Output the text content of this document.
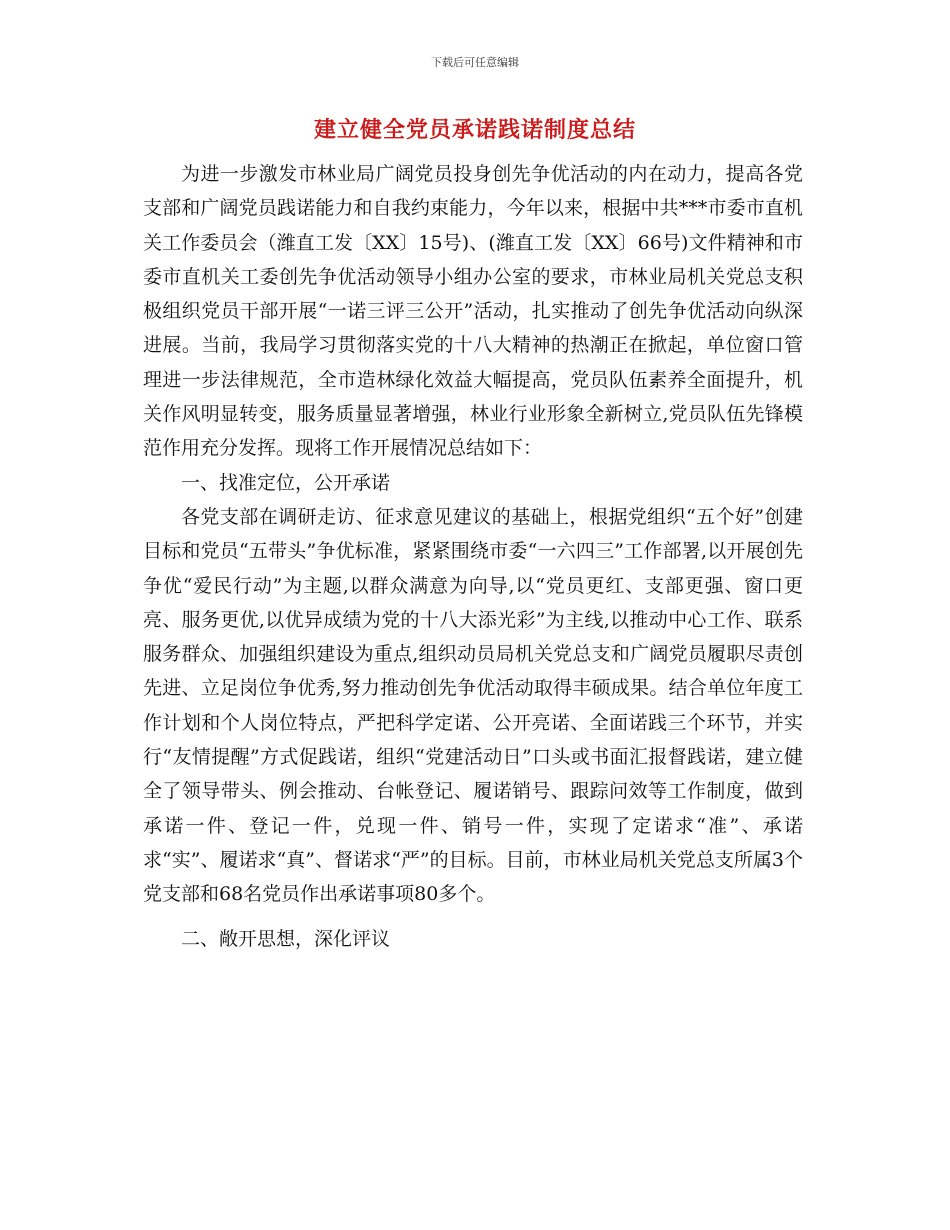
下载后可任意编辑
建立健全党员承诺践诺制度总结

为进一步激发市林业局广阔党员投身创先争优活动的内在动力，提高各党支部和广阔党员践诺能力和自我约束能力，今年以来，根据中共***市委市直机关工作委员会（潍直工发〔XX〕15号)、(潍直工发〔XX〕66号)文件精神和市委市直机关工委创先争优活动领导小组办公室的要求，市林业局机关党总支积极组织党员干部开展“一诺三评三公开”活动，扎实推动了创先争优活动向纵深进展。当前，我局学习贯彻落实党的十八大精神的热潮正在掀起，单位窗口管理进一步法律规范，全市造林绿化效益大幅提高，党员队伍素养全面提升，机关作风明显转变，服务质量显著增强，林业行业形象全新树立,党员队伍先锋模范作用充分发挥。现将工作开展情况总结如下：

一、找准定位，公开承诺

各党支部在调研走访、征求意见建议的基础上，根据党组织“五个好”创建目标和党员“五带头”争优标准，紧紧围绕市委“一六四三”工作部署,以开展创先争优“爱民行动”为主题,以群众满意为向导,以“党员更红、支部更强、窗口更亮、服务更优,以优异成绩为党的十八大添光彩”为主线,以推动中心工作、联系服务群众、加强组织建设为重点,组织动员局机关党总支和广阔党员履职尽责创先进、立足岗位争优秀,努力推动创先争优活动取得丰硕成果。结合单位年度工作计划和个人岗位特点，严把科学定诺、公开亮诺、全面诺践三个环节，并实行“友情提醒”方式促践诺，组织“党建活动日”口头或书面汇报督践诺，建立健全了领导带头、例会推动、台帐登记、履诺销号、跟踪问效等工作制度，做到承诺一件、登记一件，兑现一件、销号一件，实现了定诺求“准”、承诺求“实”、履诺求“真”、督诺求“严”的目标。目前，市林业局机关党总支所属3个党支部和68名党员作出承诺事项80多个。

二、敞开思想，深化评议
